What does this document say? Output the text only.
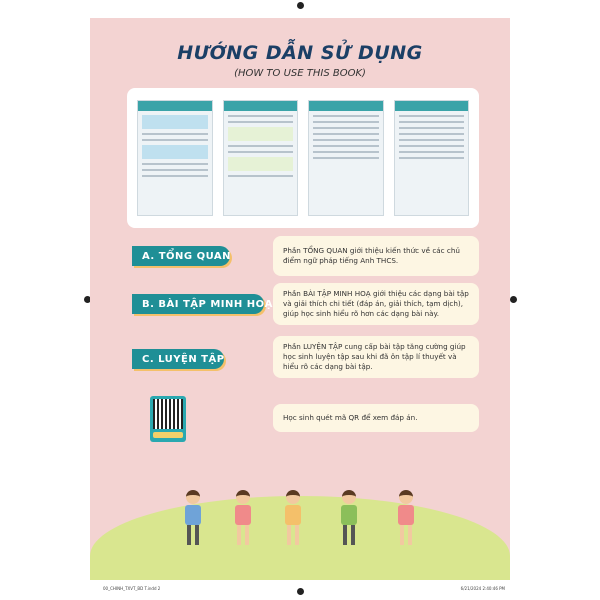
HƯỚNG DẪN SỬ DỤNG
(HOW TO USE THIS BOOK)
A. TỔNG QUAN	Phần TỔNG QUAN giới thiệu kiến thức về các chủ điểm ngữ pháp tiếng Anh THCS.
B. BÀI TẬP MINH HOẠ
Phần BÀI TẬP MINH HOẠ giới thiệu các dạng bài tập và giải thích chi tiết (đáp án, giải thích, tạm dịch), giúp học sinh hiểu rõ hơn các dạng bài này.
C. LUYỆN TẬP
Phần LUYỆN TẬP cung cấp bài tập tăng cường giúp học sinh luyện tập sau khi đã ôn tập lí thuyết và hiểu rõ các dạng bài tập.
Học sinh quét mã QR để xem đáp án.
00_CHINH_TXVT_BD T.indd 2	6/21/2024 2:40:46 PM
